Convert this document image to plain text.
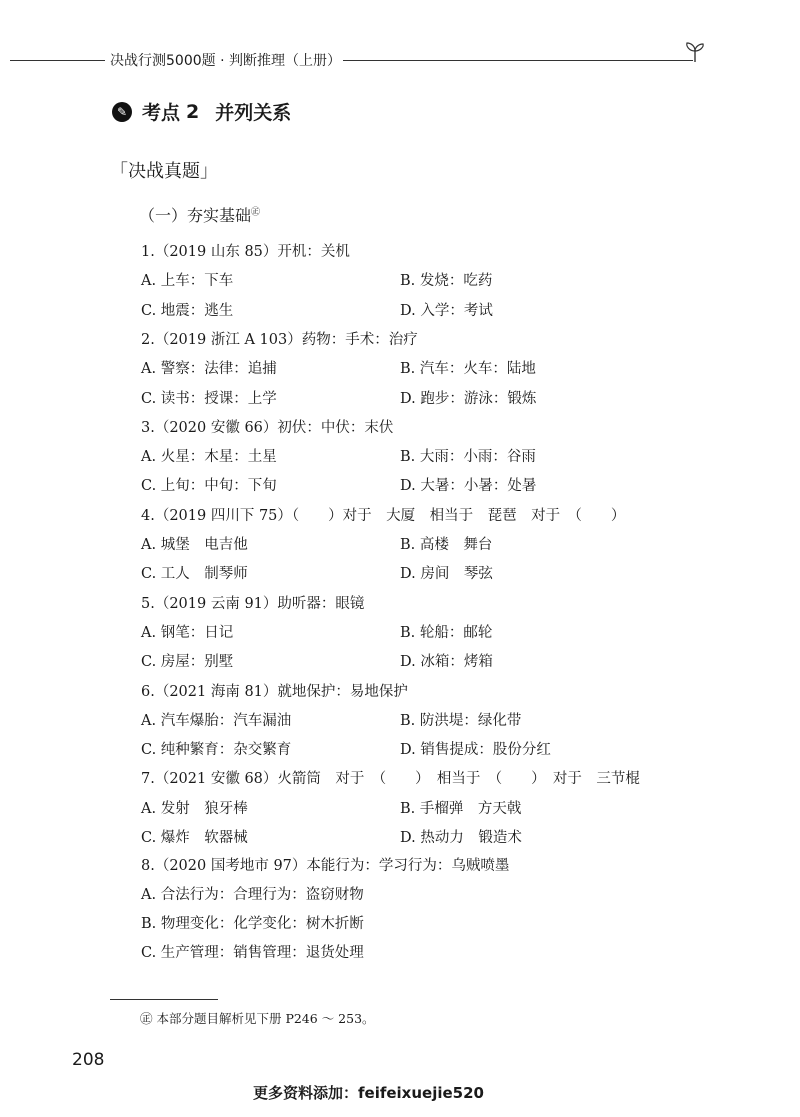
决战行测5000题 · 判断推理（上册）
✎ 考点 2 并列关系
「决战真题」
（一）夯实基础㊣
1.（2019 山东 85）开机：关机
A. 上车：下车	B. 发烧：吃药
C. 地震：逃生	D. 入学：考试
2.（2019 浙江 A 103）药物：手术：治疗
A. 警察：法律：追捕	B. 汽车：火车：陆地
C. 读书：授课：上学	D. 跑步：游泳：锻炼
3.（2020 安徽 66）初伏：中伏：末伏
A. 火星：木星：土星	B. 大雨：小雨：谷雨
C. 上旬：中旬：下旬	D. 大暑：小暑：处暑
4.（2019 四川下 75）（　　）对于　大厦　相当于　琵琶　对于　（　　）
A. 城堡　电吉他	B. 高楼　舞台
C. 工人　制琴师	D. 房间　琴弦
5.（2019 云南 91）助听器：眼镜
A. 钢笔：日记	B. 轮船：邮轮
C. 房屋：别墅	D. 冰箱：烤箱
6.（2021 海南 81）就地保护：易地保护
A. 汽车爆胎：汽车漏油	B. 防洪堤：绿化带
C. 纯种繁育：杂交繁育	D. 销售提成：股份分红
7.（2021 安徽 68）火箭筒　对于　（　　）　相当于　（　　）　对于　三节棍
A. 发射　狼牙棒	B. 手榴弹　方天戟
C. 爆炸　软器械	D. 热动力　锻造术
8.（2020 国考地市 97）本能行为：学习行为：乌贼喷墨
A. 合法行为：合理行为：盗窃财物
B. 物理变化：化学变化：树木折断
C. 生产管理：销售管理：退货处理
㊣ 本部分题目解析见下册 P246 ～ 253。
208
更多资料添加：feifeixuejie520
